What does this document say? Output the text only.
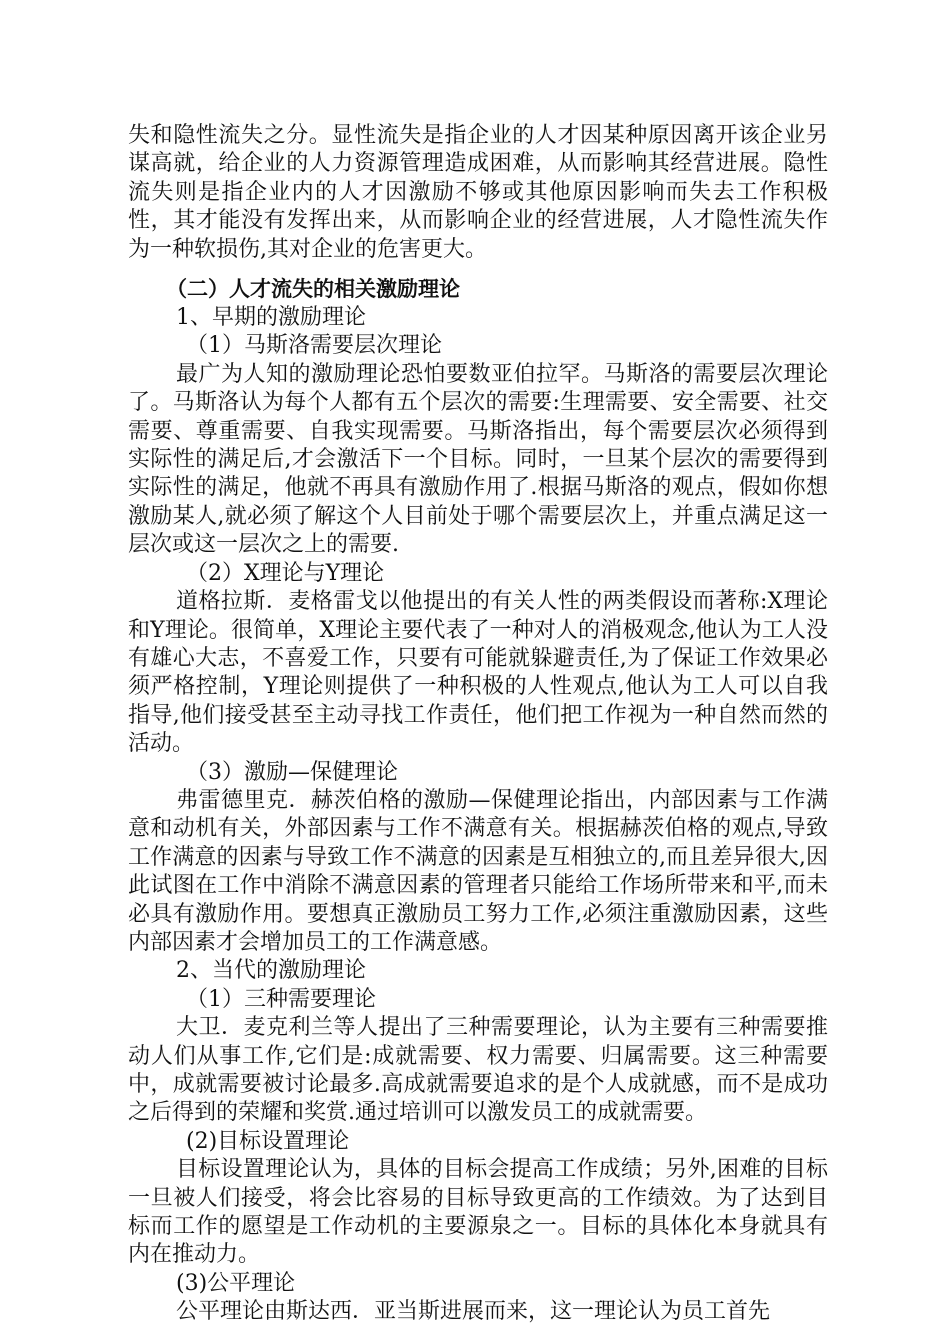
失和隐性流失之分。显性流失是指企业的人才因某种原因离开该企业另谋高就，给企业的人力资源管理造成困难，从而影响其经营进展。隐性流失则是指企业内的人才因激励不够或其他原因影响而失去工作积极性，其才能没有发挥出来，从而影响企业的经营进展，人才隐性流失作为一种软损伤,其对企业的危害更大。

（二）人才流失的相关激励理论
1、早期的激励理论
（1）马斯洛需要层次理论

最广为人知的激励理论恐怕要数亚伯拉罕。马斯洛的需要层次理论了。马斯洛认为每个人都有五个层次的需要:生理需要、安全需要、社交需要、尊重需要、自我实现需要。马斯洛指出，每个需要层次必须得到实际性的满足后,才会激活下一个目标。同时，一旦某个层次的需要得到实际性的满足，他就不再具有激励作用了.根据马斯洛的观点，假如你想激励某人,就必须了解这个人目前处于哪个需要层次上，并重点满足这一层次或这一层次之上的需要.

（2）X理论与Y理论

道格拉斯．麦格雷戈以他提出的有关人性的两类假设而著称:X理论和Y理论。很简单，X理论主要代表了一种对人的消极观念,他认为工人没有雄心大志，不喜爱工作，只要有可能就躲避责任,为了保证工作效果必须严格控制，Y理论则提供了一种积极的人性观点,他认为工人可以自我指导,他们接受甚至主动寻找工作责任，他们把工作视为一种自然而然的活动。

（3）激励—保健理论

弗雷德里克．赫茨伯格的激励—保健理论指出，内部因素与工作满意和动机有关，外部因素与工作不满意有关。根据赫茨伯格的观点,导致工作满意的因素与导致工作不满意的因素是互相独立的,而且差异很大,因此试图在工作中消除不满意因素的管理者只能给工作场所带来和平,而未必具有激励作用。要想真正激励员工努力工作,必须注重激励因素，这些内部因素才会增加员工的工作满意感。

2、当代的激励理论
（1）三种需要理论

大卫．麦克利兰等人提出了三种需要理论，认为主要有三种需要推动人们从事工作,它们是:成就需要、权力需要、归属需要。这三种需要中，成就需要被讨论最多.高成就需要追求的是个人成就感，而不是成功之后得到的荣耀和奖赏.通过培训可以激发员工的成就需要。

(2)目标设置理论

目标设置理论认为，具体的目标会提高工作成绩；另外,困难的目标一旦被人们接受，将会比容易的目标导致更高的工作绩效。为了达到目标而工作的愿望是工作动机的主要源泉之一。目标的具体化本身就具有内在推动力。

(3)公平理论

公平理论由斯达西．亚当斯进展而来，这一理论认为员工首先
